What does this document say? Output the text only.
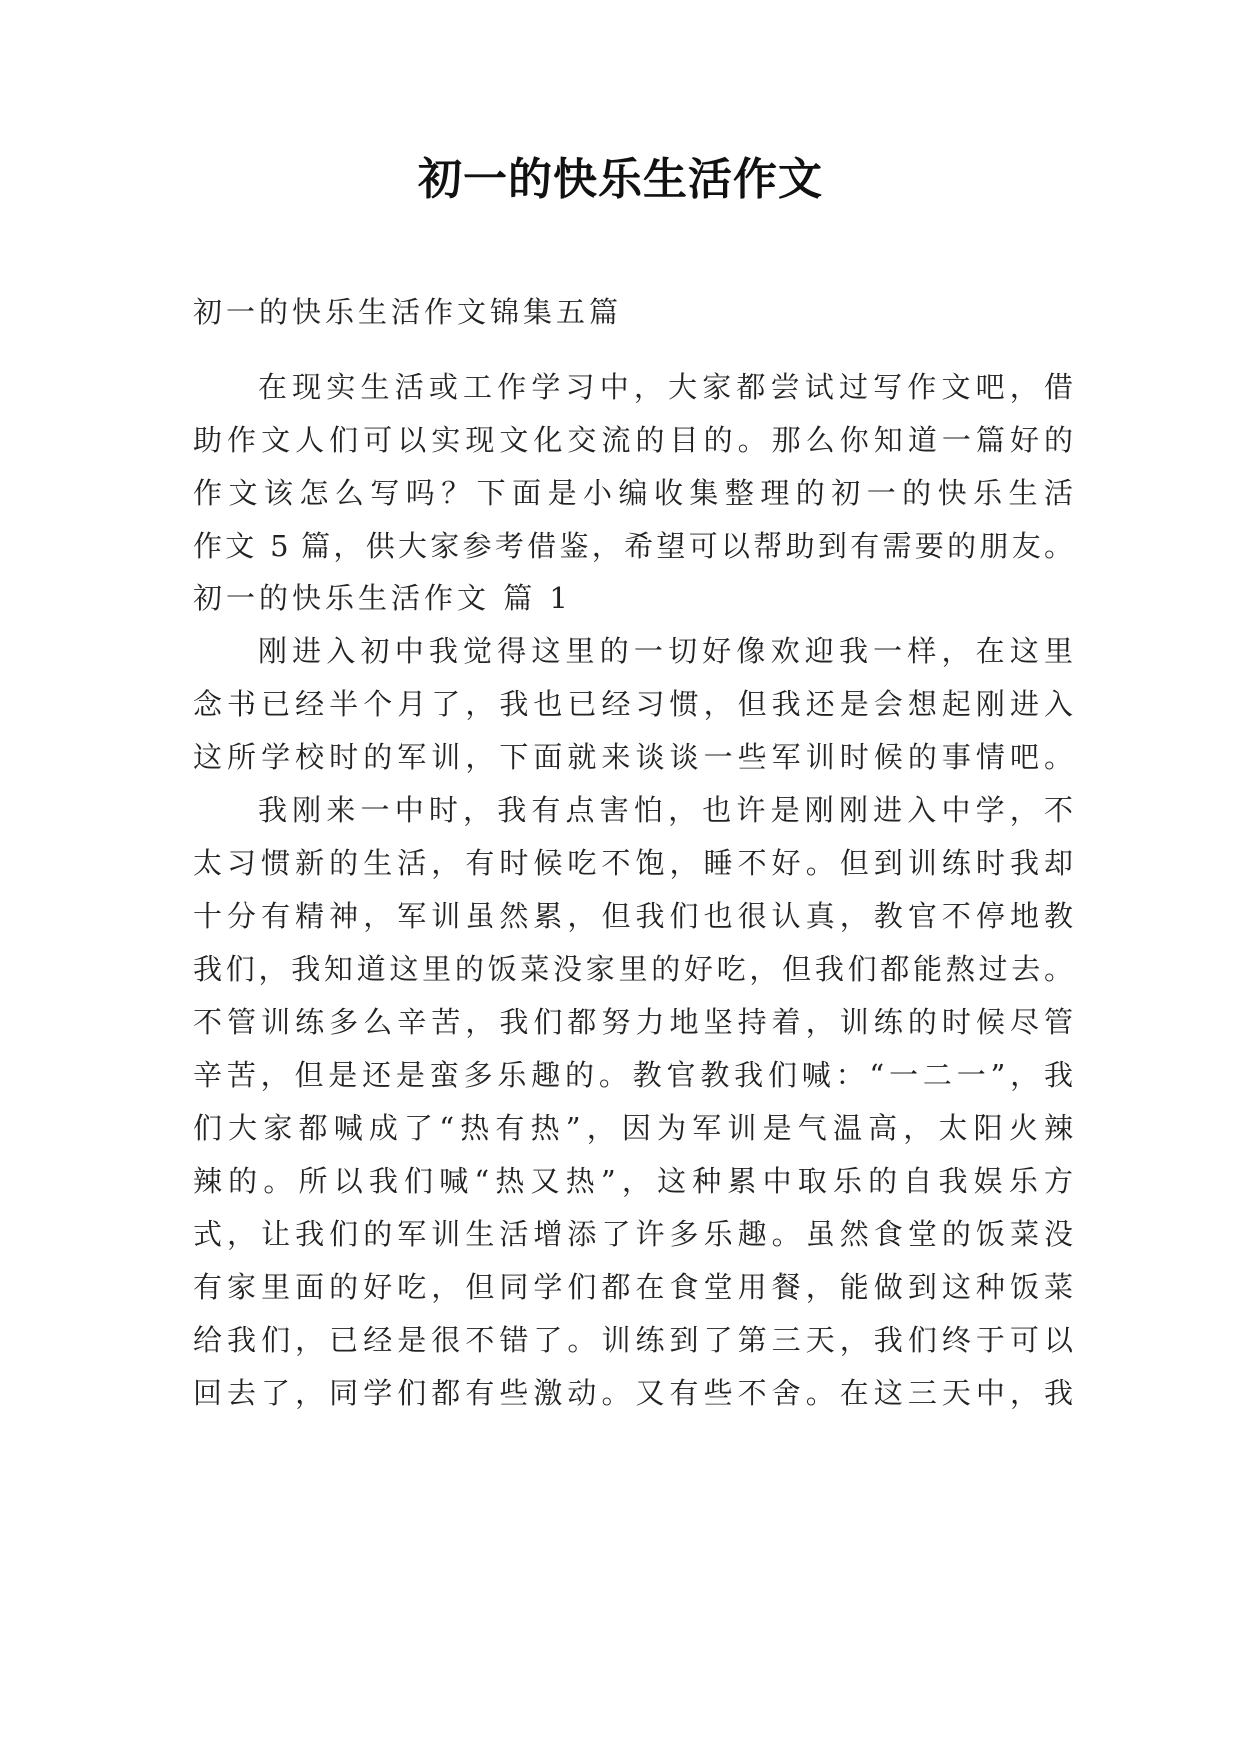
初一的快乐生活作文
初一的快乐生活作文锦集五篇
在现实生活或工作学习中，大家都尝试过写作文吧，借
助作文人们可以实现文化交流的目的。那么你知道一篇好的
作文该怎么写吗？下面是小编收集整理的初一的快乐生活
作文 5 篇，供大家参考借鉴，希望可以帮助到有需要的朋友。
初一的快乐生活作文 篇 1
刚进入初中我觉得这里的一切好像欢迎我一样，在这里
念书已经半个月了，我也已经习惯，但我还是会想起刚进入
这所学校时的军训，下面就来谈谈一些军训时候的事情吧。
我刚来一中时，我有点害怕，也许是刚刚进入中学，不
太习惯新的生活，有时候吃不饱，睡不好。但到训练时我却
十分有精神，军训虽然累，但我们也很认真，教官不停地教
我们，我知道这里的饭菜没家里的好吃，但我们都能熬过去。
不管训练多么辛苦，我们都努力地坚持着，训练的时候尽管
辛苦，但是还是蛮多乐趣的。教官教我们喊：“一二一”，我
们大家都喊成了“热有热”，因为军训是气温高，太阳火辣
辣的。所以我们喊“热又热”，这种累中取乐的自我娱乐方
式，让我们的军训生活增添了许多乐趣。虽然食堂的饭菜没
有家里面的好吃，但同学们都在食堂用餐，能做到这种饭菜
给我们，已经是很不错了。训练到了第三天，我们终于可以
回去了，同学们都有些激动。又有些不舍。在这三天中，我
